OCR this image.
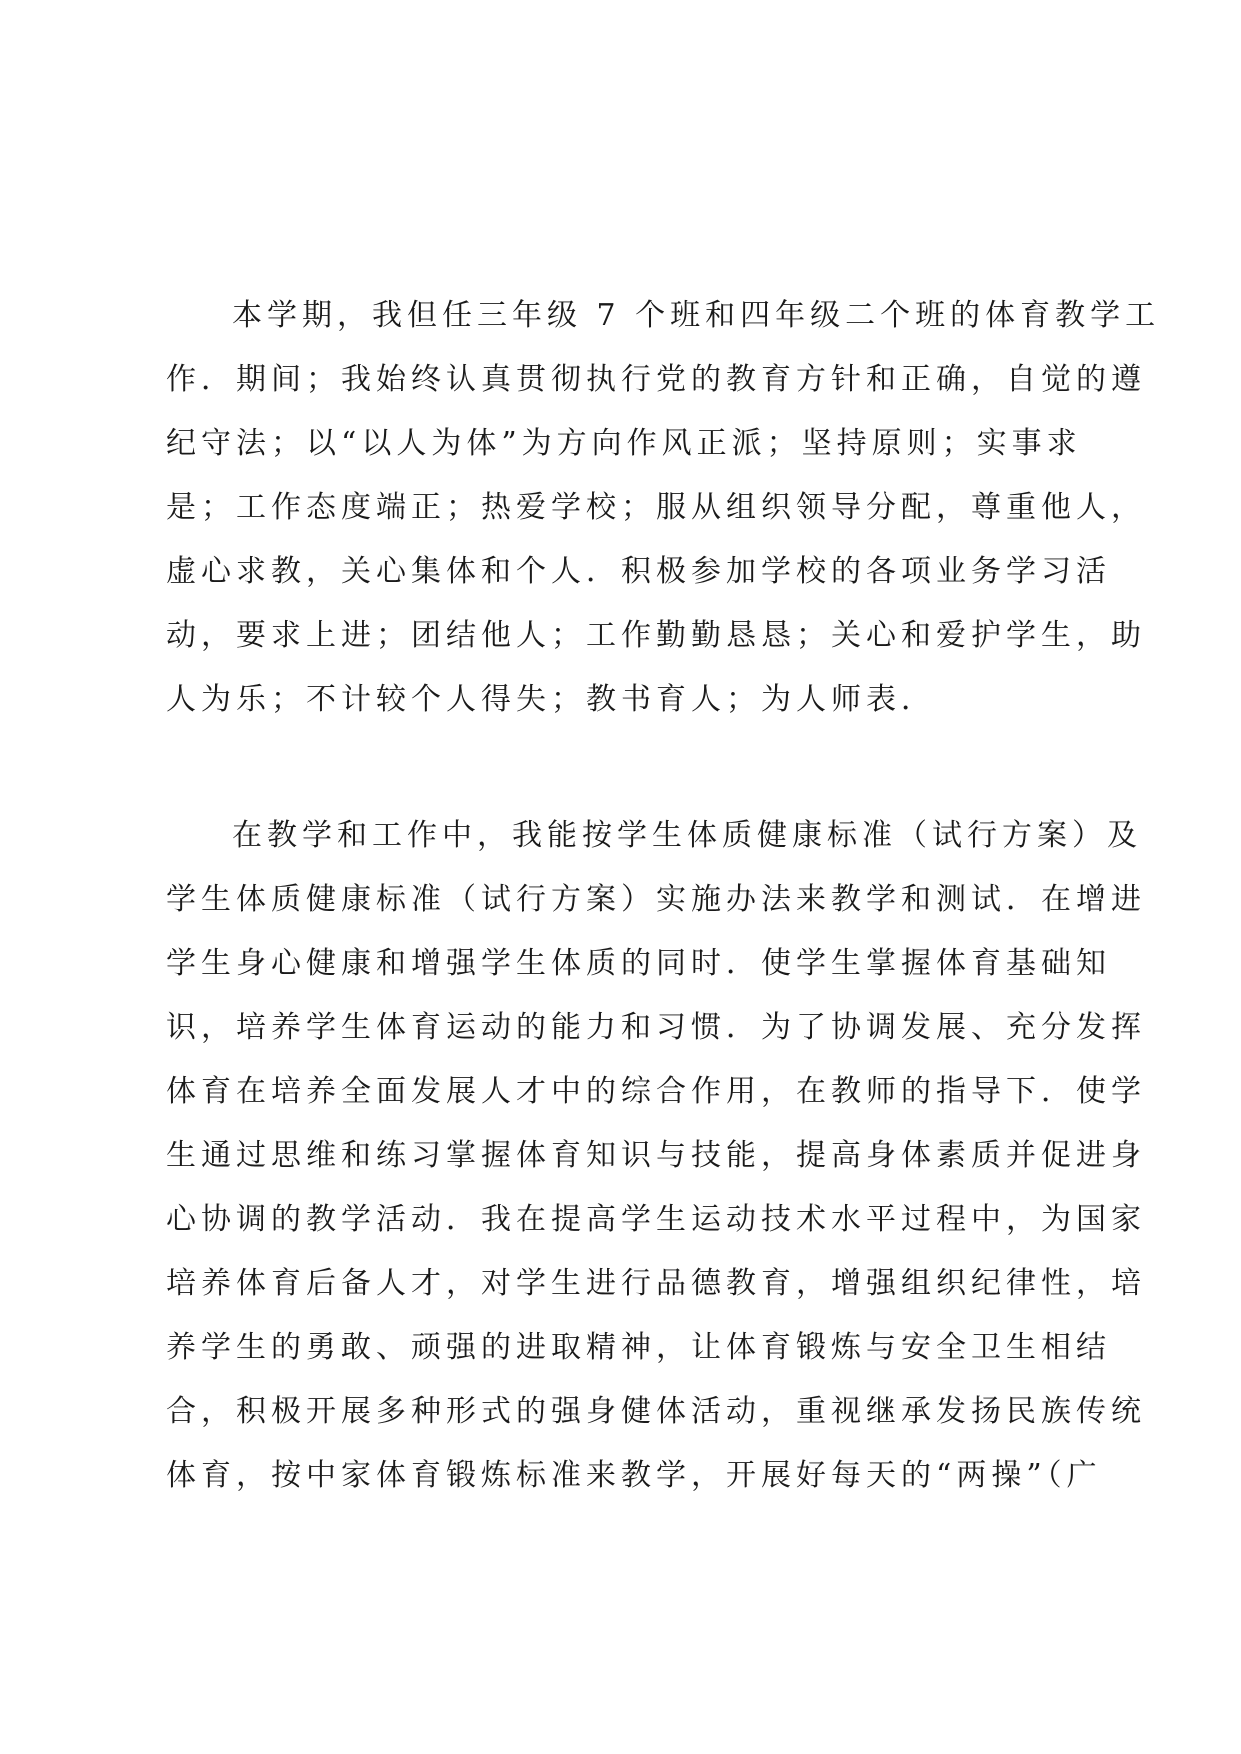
本学期，我但任三年级 7 个班和四年级二个班的体育教学工
作．期间；我始终认真贯彻执行党的教育方针和正确，自觉的遵
纪守法；以“以人为体”为方向作风正派；坚持原则；实事求
是；工作态度端正；热爱学校；服从组织领导分配，尊重他人，
虚心求教，关心集体和个人．积极参加学校的各项业务学习活
动，要求上进；团结他人；工作勤勤恳恳；关心和爱护学生，助
人为乐；不计较个人得失；教书育人；为人师表．
在教学和工作中，我能按学生体质健康标准（试行方案）及
学生体质健康标准（试行方案）实施办法来教学和测试．在增进
学生身心健康和增强学生体质的同时．使学生掌握体育基础知
识，培养学生体育运动的能力和习惯．为了协调发展、充分发挥
体育在培养全面发展人才中的综合作用，在教师的指导下．使学
生通过思维和练习掌握体育知识与技能，提高身体素质并促进身
心协调的教学活动．我在提高学生运动技术水平过程中，为国家
培养体育后备人才，对学生进行品德教育，增强组织纪律性，培
养学生的勇敢、顽强的进取精神，让体育锻炼与安全卫生相结
合，积极开展多种形式的强身健体活动，重视继承发扬民族传统
体育，按中家体育锻炼标准来教学，开展好每天的“两操”（广
